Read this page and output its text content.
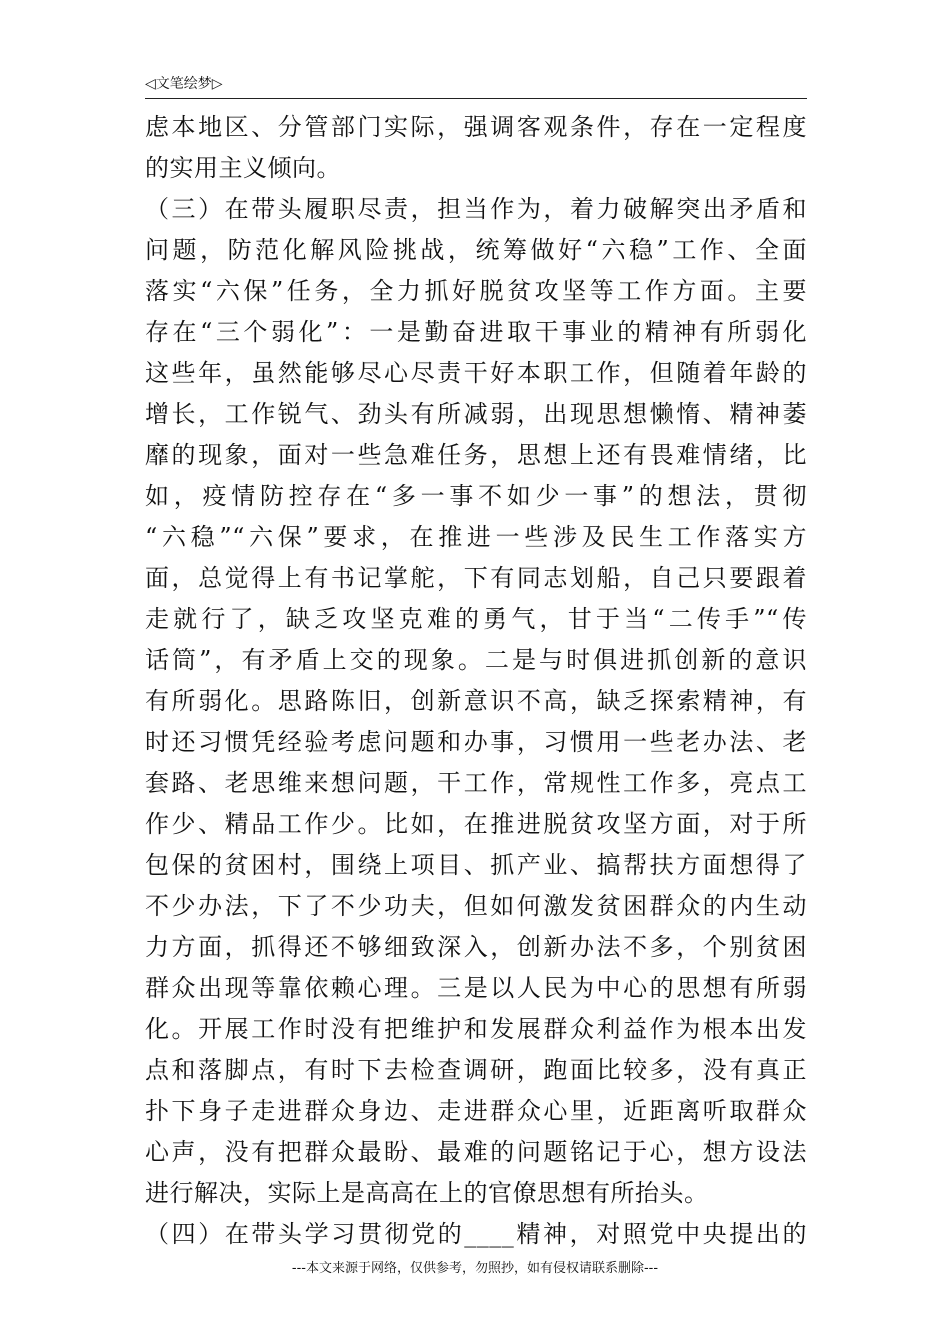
◁文笔绘梦▷
虑本地区、分管部门实际，强调客观条件，存在一定程度
的实用主义倾向。
（三）在带头履职尽责，担当作为，着力破解突出矛盾和
问题，防范化解风险挑战，统筹做好“六稳”工作、全面
落实“六保”任务，全力抓好脱贫攻坚等工作方面。主要
存在“三个弱化”：一是勤奋进取干事业的精神有所弱化
这些年，虽然能够尽心尽责干好本职工作，但随着年龄的
增长，工作锐气、劲头有所减弱，出现思想懒惰、精神萎
靡的现象，面对一些急难任务，思想上还有畏难情绪，比
如，疫情防控存在“多一事不如少一事”的想法，贯彻
“六稳”“六保”要求，在推进一些涉及民生工作落实方
面，总觉得上有书记掌舵，下有同志划船，自己只要跟着
走就行了，缺乏攻坚克难的勇气，甘于当“二传手”“传
话筒”，有矛盾上交的现象。二是与时俱进抓创新的意识
有所弱化。思路陈旧，创新意识不高，缺乏探索精神，有
时还习惯凭经验考虑问题和办事，习惯用一些老办法、老
套路、老思维来想问题，干工作，常规性工作多，亮点工
作少、精品工作少。比如，在推进脱贫攻坚方面，对于所
包保的贫困村，围绕上项目、抓产业、搞帮扶方面想得了
不少办法，下了不少功夫，但如何激发贫困群众的内生动
力方面，抓得还不够细致深入，创新办法不多，个别贫困
群众出现等靠依赖心理。三是以人民为中心的思想有所弱
化。开展工作时没有把维护和发展群众利益作为根本出发
点和落脚点，有时下去检查调研，跑面比较多，没有真正
扑下身子走进群众身边、走进群众心里，近距离听取群众
心声，没有把群众最盼、最难的问题铭记于心，想方设法
进行解决，实际上是高高在上的官僚思想有所抬头。
（四）在带头学习贯彻党的____精神，对照党中央提出的
---本文来源于网络，仅供参考，勿照抄，如有侵权请联系删除---
